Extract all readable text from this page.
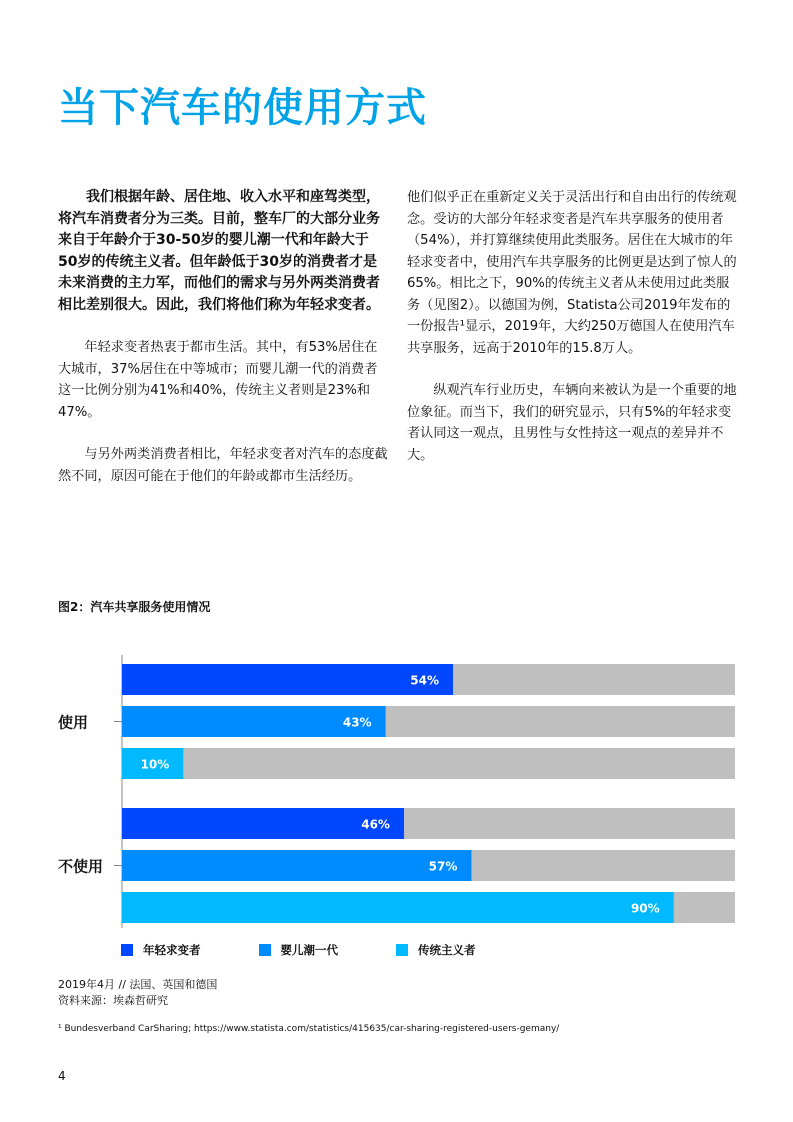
当下汽车的使用方式

我们根据年龄、居住地、收入水平和座驾类型，将汽车消费者分为三类。目前，整车厂的大部分业务来自于年龄介于30-50岁的婴儿潮一代和年龄大于50岁的传统主义者。但年龄低于30岁的消费者才是未来消费的主力军，而他们的需求与另外两类消费者相比差别很大。因此，我们将他们称为年轻求变者。

年轻求变者热衷于都市生活。其中，有53%居住在大城市，37%居住在中等城市；而婴儿潮一代的消费者这一比例分别为41%和40%，传统主义者则是23%和47%。

与另外两类消费者相比，年轻求变者对汽车的态度截然不同，原因可能在于他们的年龄或都市生活经历。

他们似乎正在重新定义关于灵活出行和自由出行的传统观念。受访的大部分年轻求变者是汽车共享服务的使用者（54%），并打算继续使用此类服务。居住在大城市的年轻求变者中，使用汽车共享服务的比例更是达到了惊人的65%。相比之下，90%的传统主义者从未使用过此类服务（见图2）。以德国为例，Statista公司2019年发布的一份报告¹显示，2019年，大约250万德国人在使用汽车共享服务，远高于2010年的15.8万人。

纵观汽车行业历史，车辆向来被认为是一个重要的地位象征。而当下，我们的研究显示，只有5%的年轻求变者认同这一观点，且男性与女性持这一观点的差异并不大。

图2：汽车共享服务使用情况
使用
54%
43%
10%
不使用
46%
57%
90%
年轻求变者	婴儿潮一代	传统主义者
2019年4月 // 法国、英国和德国
资料来源：埃森哲研究
¹ Bundesverband CarSharing; https://www.statista.com/statistics/415635/car-sharing-registered-users-gemany/
4
